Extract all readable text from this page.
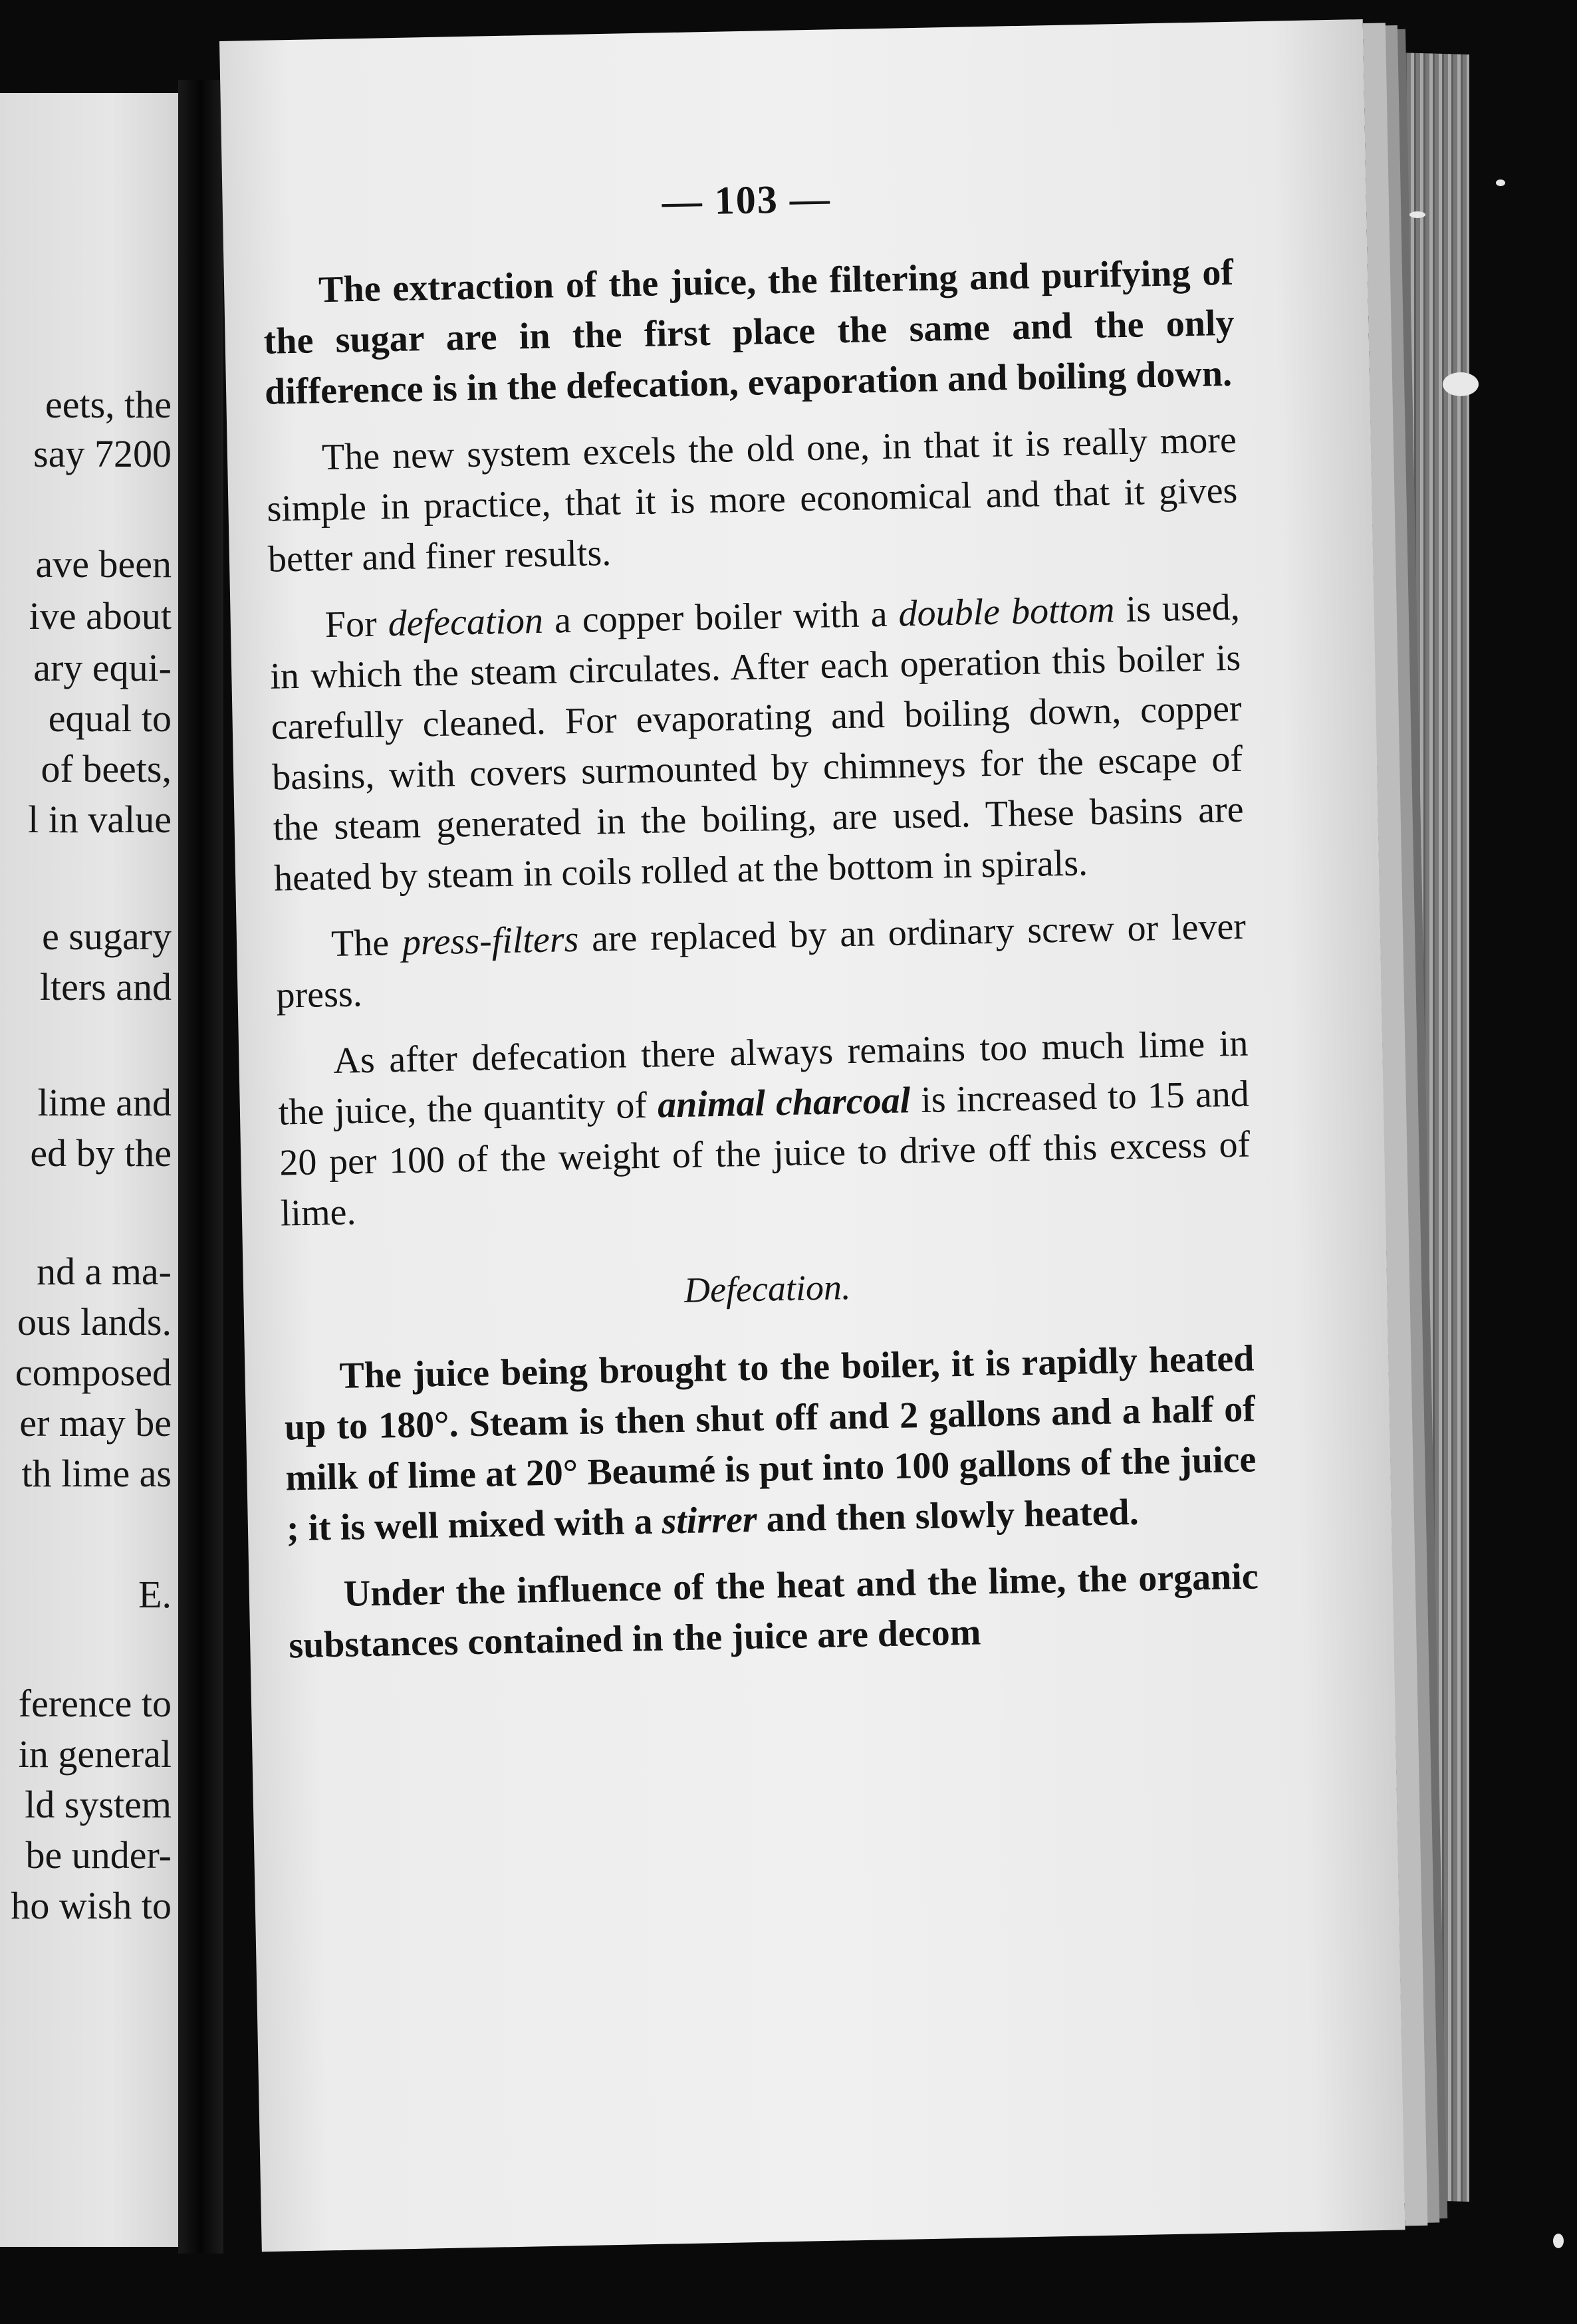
eets, the
say 7200
ave been
ive about
ary equi-
equal to
of beets,
l in value
e sugary
lters and
lime and
ed by the
nd a ma-
ous lands.
composed
er may be
th lime as
E.
ference to
in general
ld system
be under-
ho wish to
— 103 —

The extraction of the juice, the filtering and purifying of the sugar are in the first place the same and the only difference is in the defecation, evaporation and boiling down.

The new system excels the old one, in that it is really more simple in practice, that it is more economical and that it gives better and finer results.

For defecation a copper boiler with a double bottom is used, in which the steam circulates. After each operation this boiler is carefully cleaned. For evaporating and boiling down, copper basins, with covers surmounted by chimneys for the escape of the steam generated in the boiling, are used. These basins are heated by steam in coils rolled at the bottom in spirals.

The press-filters are replaced by an ordinary screw or lever press.

As after defecation there always remains too much lime in the juice, the quantity of animal charcoal is increased to 15 and 20 per 100 of the weight of the juice to drive off this excess of lime.

Defecation.

The juice being brought to the boiler, it is rapidly heated up to 180°. Steam is then shut off and 2 gallons and a half of milk of lime at 20° Beaumé is put into 100 gallons of the juice ; it is well mixed with a stirrer and then slowly heated.

Under the influence of the heat and the lime, the organic substances contained in the juice are decom
